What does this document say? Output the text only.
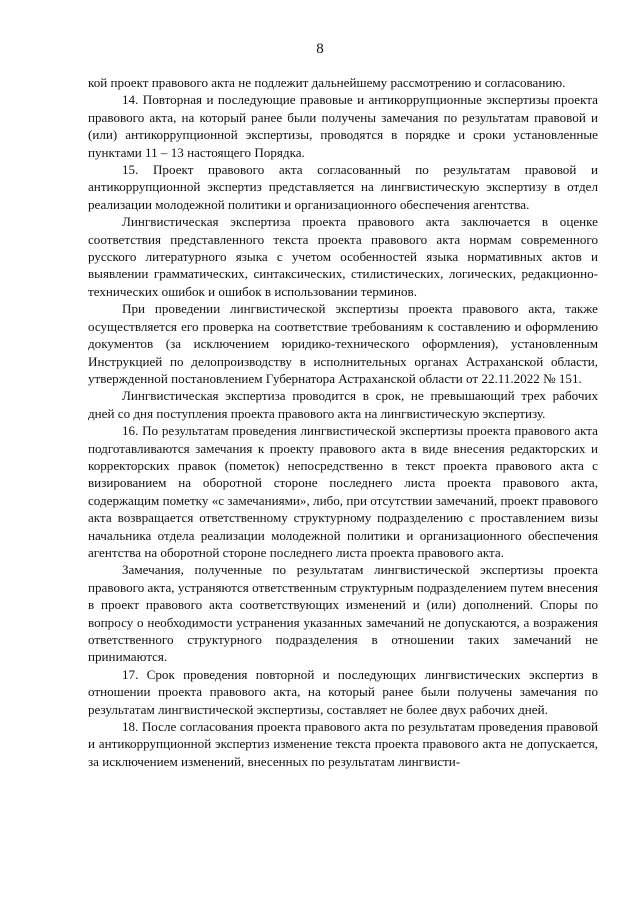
8

кой проект правового акта не подлежит дальнейшему рассмотрению и согласованию.

14. Повторная и последующие правовые и антикоррупционные экспертизы проекта правового акта, на который ранее были получены замечания по результатам правовой и (или) антикоррупционной экспертизы, проводятся в порядке и сроки установленные пунктами 11 – 13 настоящего Порядка.

15. Проект правового акта согласованный по результатам правовой и антикоррупционной экспертиз представляется на лингвистическую экспертизу в отдел реализации молодежной политики и организационного обеспечения агентства.

Лингвистическая экспертиза проекта правового акта заключается в оценке соответствия представленного текста проекта правового акта нормам современного русского литературного языка с учетом особенностей языка нормативных актов и выявлении грамматических, синтаксических, стилистических, логических, редакционно-технических ошибок и ошибок в использовании терминов.

При проведении лингвистической экспертизы проекта правового акта, также осуществляется его проверка на соответствие требованиям к составлению и оформлению документов (за исключением юридико-технического оформления), установленным Инструкцией по делопроизводству в исполнительных органах Астраханской области, утвержденной постановлением Губернатора Астраханской области от 22.11.2022 № 151.

Лингвистическая экспертиза проводится в срок, не превышающий трех рабочих дней со дня поступления проекта правового акта на лингвистическую экспертизу.

16. По результатам проведения лингвистической экспертизы проекта правового акта подготавливаются замечания к проекту правового акта в виде внесения редакторских и корректорских правок (пометок) непосредственно в текст проекта правового акта с визированием на оборотной стороне последнего листа проекта правового акта, содержащим пометку «с замечаниями», либо, при отсутствии замечаний, проект правового акта возвращается ответственному структурному подразделению с проставлением визы начальника отдела реализации молодежной политики и организационного обеспечения агентства на оборотной стороне последнего листа проекта правового акта.

Замечания, полученные по результатам лингвистической экспертизы проекта правового акта, устраняются ответственным структурным подразделением путем внесения в проект правового акта соответствующих изменений и (или) дополнений. Споры по вопросу о необходимости устранения указанных замечаний не допускаются, а возражения ответственного структурного подразделения в отношении таких замечаний не принимаются.

17. Срок проведения повторной и последующих лингвистических экспертиз в отношении проекта правового акта, на который ранее были получены замечания по результатам лингвистической экспертизы, составляет не более двух рабочих дней.

18. После согласования проекта правового акта по результатам проведения правовой и антикоррупционной экспертиз изменение текста проекта правового акта не допускается, за исключением изменений, внесенных по результатам лингвисти-
